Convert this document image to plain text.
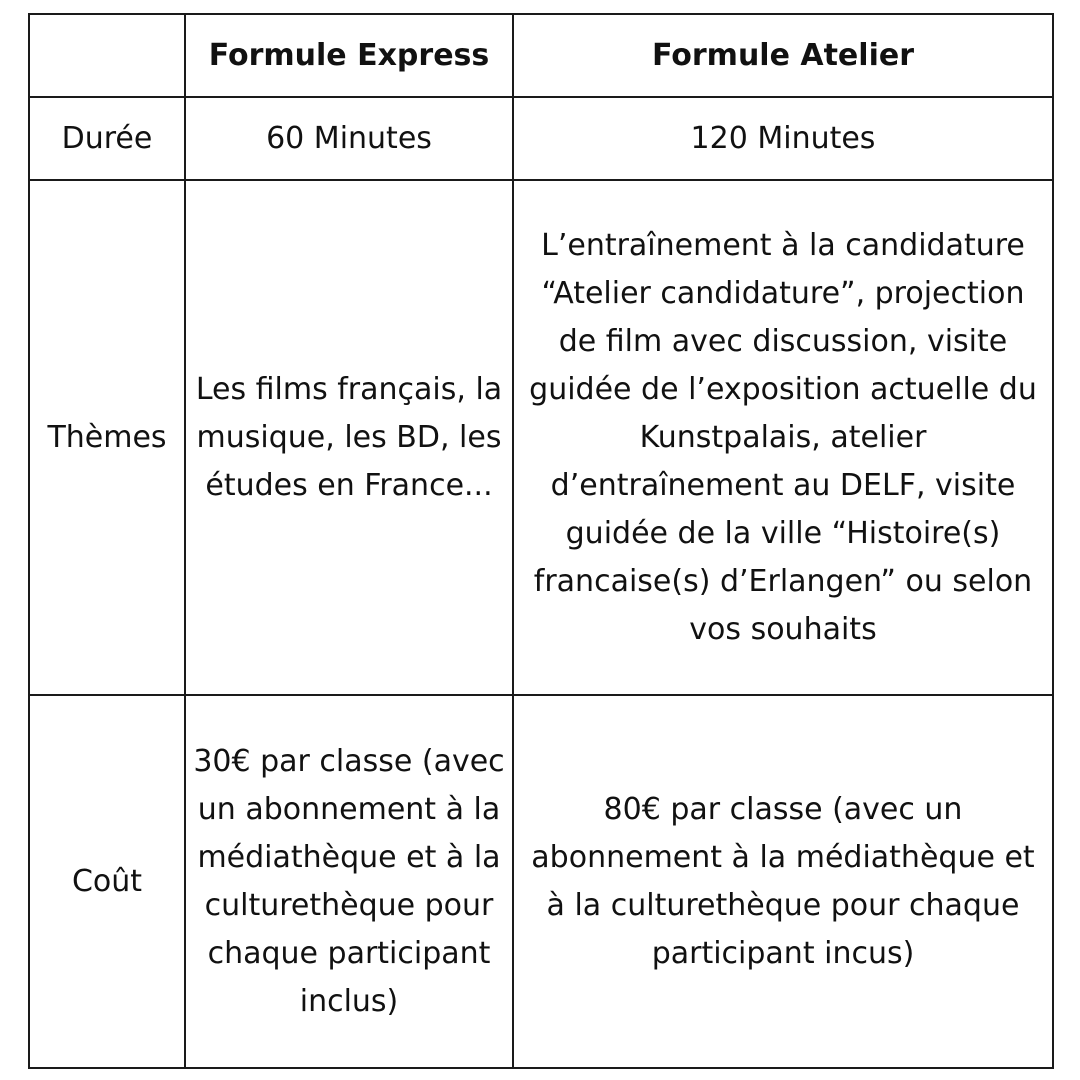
	Formule Express	Formule Atelier
Durée	60 Minutes	120 Minutes
Thèmes	Les films français, la musique, les BD, les études en France...	L’entraînement à la candidature “Atelier candidature”, projection de film avec discussion, visite guidée de l’exposition actuelle du Kunstpalais, atelier d’entraînement au DELF, visite guidée de la ville “Histoire(s) francaise(s) d’Erlangen” ou selon vos souhaits
Coût	30€ par classe (avec un abonnement à la médiathèque et à la culturethèque pour chaque participant inclus)	80€ par classe (avec un abonnement à la médiathèque et à la culturethèque pour chaque participant incus)
